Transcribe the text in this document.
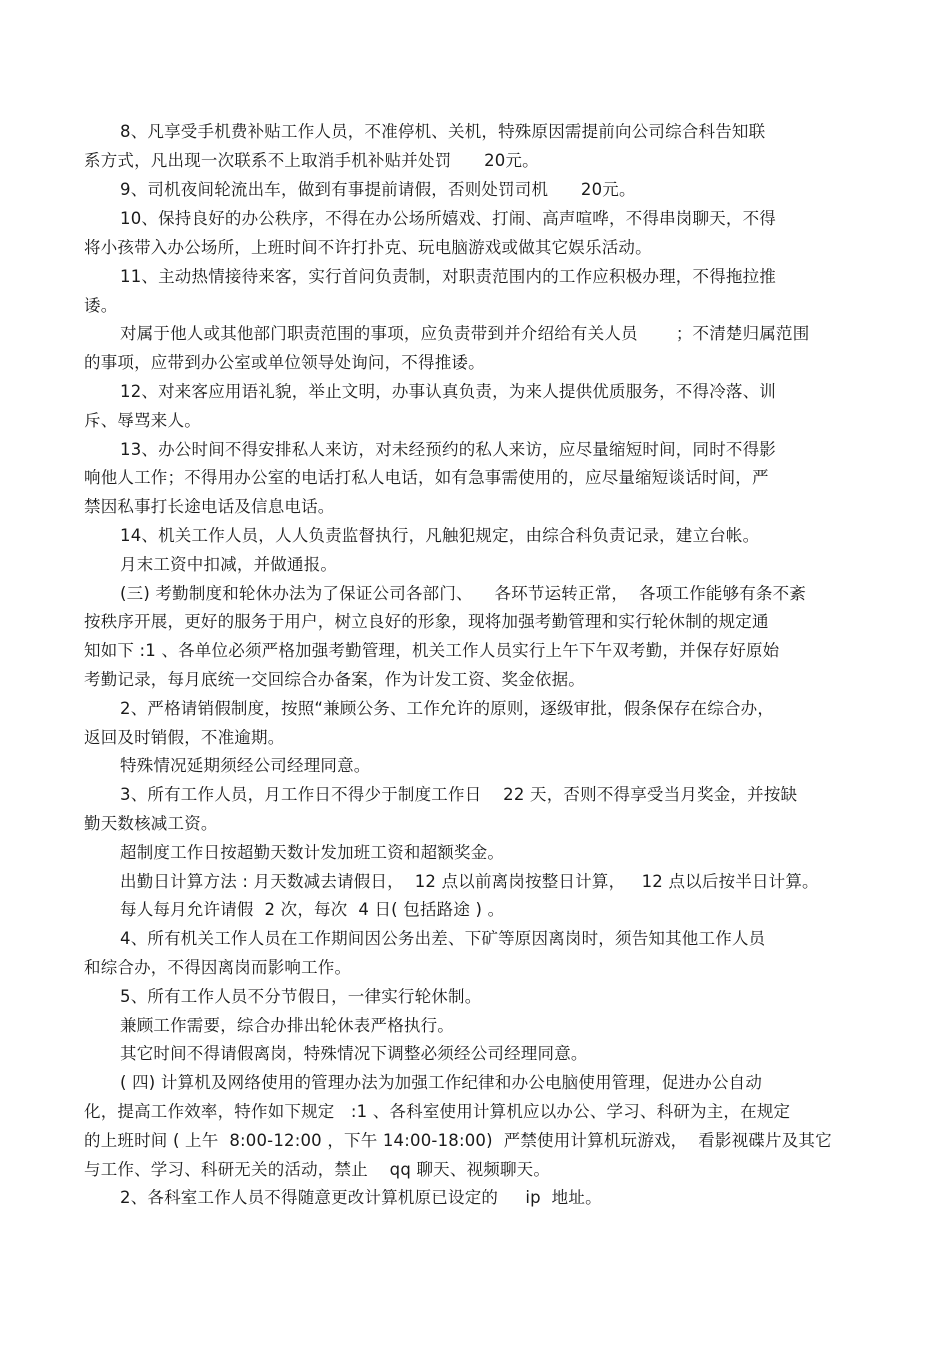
8、凡享受手机费补贴工作人员，不准停机、关机，特殊原因需提前向公司综合科告知联

系方式，凡出现一次联系不上取消手机补贴并处罚      20元。

9、司机夜间轮流出车，做到有事提前请假，否则处罚司机      20元。

10、保持良好的办公秩序，不得在办公场所嬉戏、打闹、高声喧哗，不得串岗聊天，不得

将小孩带入办公场所，上班时间不许打扑克、玩电脑游戏或做其它娱乐活动。

11、主动热情接待来客，实行首问负责制，对职责范围内的工作应积极办理，不得拖拉推

诿。

对属于他人或其他部门职责范围的事项，应负责带到并介绍给有关人员       ；不清楚归属范围

的事项，应带到办公室或单位领导处询问，不得推诿。

12、对来客应用语礼貌，举止文明，办事认真负责，为来人提供优质服务，不得冷落、训

斥、辱骂来人。

13、办公时间不得安排私人来访，对未经预约的私人来访，应尽量缩短时间，同时不得影

响他人工作；不得用办公室的电话打私人电话，如有急事需使用的，应尽量缩短谈话时间，严

禁因私事打长途电话及信息电话。

14、机关工作人员，人人负责监督执行，凡触犯规定，由综合科负责记录，建立台帐。

月末工资中扣减，并做通报。

(三) 考勤制度和轮休办法为了保证公司各部门、    各环节运转正常，  各项工作能够有条不紊

按秩序开展，更好的服务于用户，树立良好的形象，现将加强考勤管理和实行轮休制的规定通

知如下 :1 、各单位必须严格加强考勤管理，机关工作人员实行上午下午双考勤，并保存好原始

考勤记录，每月底统一交回综合办备案，作为计发工资、奖金依据。

2、严格请销假制度，按照“兼顾公务、工作允许的原则，逐级审批，假条保存在综合办，

返回及时销假，不准逾期。

特殊情况延期须经公司经理同意。

3、所有工作人员，月工作日不得少于制度工作日    22 天，否则不得享受当月奖金，并按缺

勤天数核减工资。

超制度工作日按超勤天数计发加班工资和超额奖金。

出勤日计算方法 : 月天数减去请假日，  12 点以前离岗按整日计算，   12 点以后按半日计算。

每人每月允许请假  2 次，每次  4 日( 包括路途 ) 。

4、所有机关工作人员在工作期间因公务出差、下矿等原因离岗时，须告知其他工作人员

和综合办，不得因离岗而影响工作。

5、所有工作人员不分节假日，一律实行轮休制。

兼顾工作需要，综合办排出轮休表严格执行。

其它时间不得请假离岗，特殊情况下调整必须经公司经理同意。

( 四) 计算机及网络使用的管理办法为加强工作纪律和办公电脑使用管理，促进办公自动

化，提高工作效率，特作如下规定   :1 、各科室使用计算机应以办公、学习、科研为主，在规定

的上班时间 ( 上午  8:00-12:00 ，下午 14:00-18:00)  严禁使用计算机玩游戏，  看影视碟片及其它

与工作、学习、科研无关的活动，禁止    qq 聊天、视频聊天。

2、各科室工作人员不得随意更改计算机原已设定的     ip  地址。
